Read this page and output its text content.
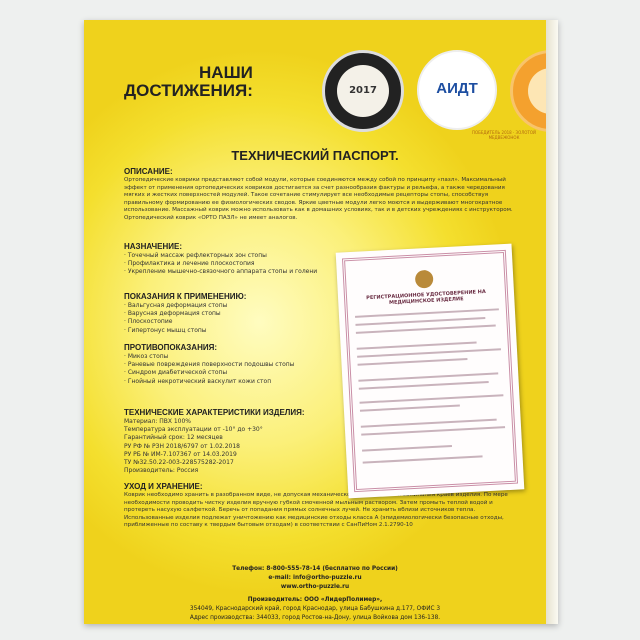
НАШИ
ДОСТИЖЕНИЯ:	2017	АИДТ
ПОБЕДИТЕЛЬ 2018 · ЗОЛОТОЙ МЕДВЕЖОНОК
ТЕХНИЧЕСКИЙ ПАСПОРТ.
ОПИСАНИЕ:

Ортопедические коврики представляют собой модули, которые соединяются между собой по принципу «пазл». Максимальный эффект от применения ортопедических ковриков достигается за счет разнообразия фактуры и рельефа, а также чередования мягких и жестких поверхностей модулей. Такое сочетание стимулирует все необходимые рецепторы стопы, способствуя правильному формированию ее физиологических сводов. Яркие цветные модули легко моются и выдерживают многократное использование. Массажный коврик можно использовать как в домашних условиях, так и в детских учреждениях с инструктором. Ортопедический коврик «ОРТО ПАЗЛ» не имеет аналогов.

НАЗНАЧЕНИЕ:
· Точечный массаж рефлекторных зон стопы
· Профилактика и лечение плоскостопия
· Укрепление мышечно-связочного аппарата стопы и голени
ПОКАЗАНИЯ К ПРИМЕНЕНИЮ:
· Вальгусная деформация стопы
· Варусная деформация стопы
· Плоскостопие
· Гипертонус мышц стопы
ПРОТИВОПОКАЗАНИЯ:
· Микоз стопы
· Раневые повреждения поверхности подошвы стопы
· Синдром диабетической стопы
· Гнойный некротический васкулит кожи стоп
ТЕХНИЧЕСКИЕ ХАРАКТЕРИСТИКИ ИЗДЕЛИЯ:
Материал: ПВХ 100%
Температура эксплуатации от -10° до +30°
Гарантийный срок: 12 месяцев
РУ РФ № РЗН 2018/6797 от 1.02.2018
РУ РБ № ИМ-7.107367 от 14.03.2019
ТУ №32.50.22-003-228575282-2017
Производитель: Россия
УХОД И ХРАНЕНИЕ:

Коврик необходимо хранить в разобранном виде, не допуская механического воздействия и заминания краев изделия. По мере необходимости проводить чистку изделия вручную губкой смоченной мыльным раствором. Затем промыть теплой водой и протереть насухую салфеткой. Беречь от попадания прямых солнечных лучей. Не хранить вблизи источников тепла. Использованные изделия подлежат уничтожению как медицинские отходы класса А (эпидемиологически безопасные отходы, приближенные по составу к твердым бытовым отходам) в соответствии с СанПиНом 2.1.2790-10

РЕГИСТРАЦИОННОЕ УДОСТОВЕРЕНИЕ НА МЕДИЦИНСКОЕ ИЗДЕЛИЕ
Телефон: 8-800-555-78-14 (бесплатно по России)
e-mail: info@ortho-puzzle.ru
www.ortho-puzzle.ru
Производитель: ООО «ЛидерПолимер»,
354049, Краснодарский край, город Краснодар, улица Бабушкина д.177, ОФИС 3
Адрес производства: 344033, город Ростов-на-Дону, улица Войкова дом 136-138.
